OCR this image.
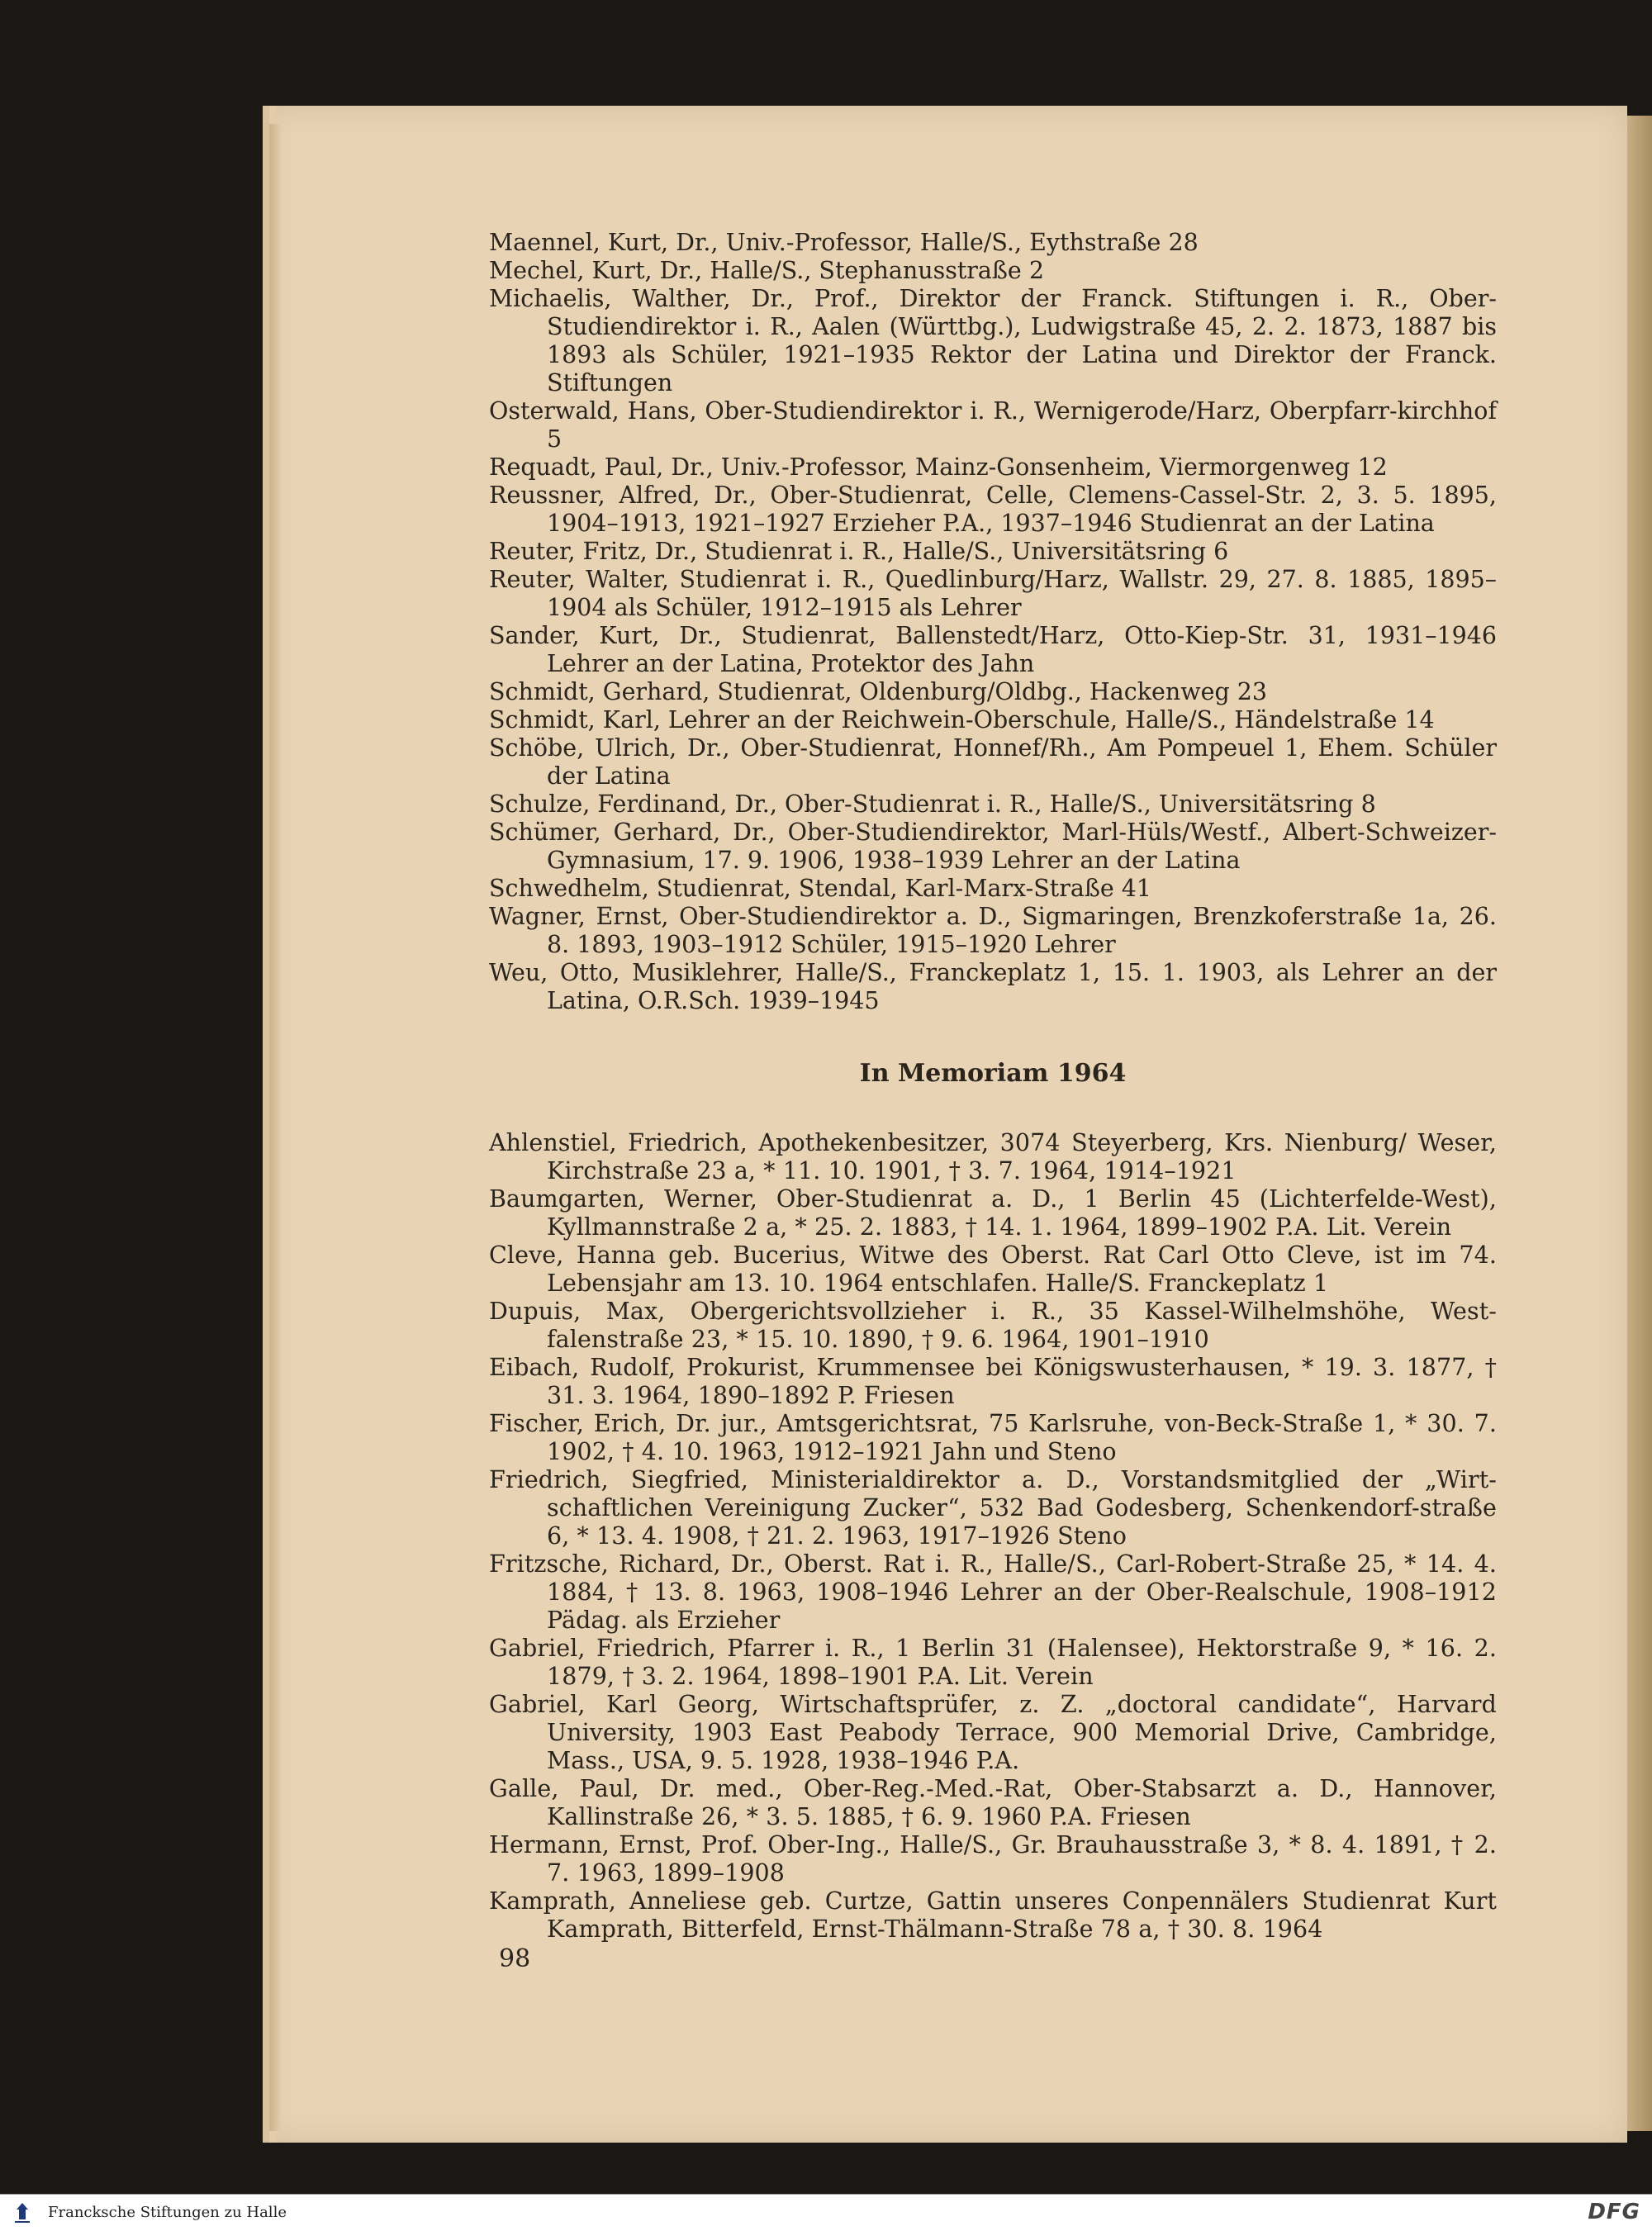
Maennel, Kurt, Dr., Univ.-Professor, Halle/S., Eythstraße 28

Mechel, Kurt, Dr., Halle/S., Stephanusstraße 2

Michaelis, Walther, Dr., Prof., Direktor der Franck. Stiftungen i. R., Ober-Studiendirektor i. R., Aalen (Württbg.), Ludwigstraße 45, 2. 2. 1873, 1887 bis 1893 als Schüler, 1921–1935 Rektor der Latina und Direktor der Franck. Stiftungen

Osterwald, Hans, Ober-Studiendirektor i. R., Wernigerode/Harz, Oberpfarr-kirchhof 5

Requadt, Paul, Dr., Univ.-Professor, Mainz-Gonsenheim, Viermorgenweg 12

Reussner, Alfred, Dr., Ober-Studienrat, Celle, Clemens-Cassel-Str. 2, 3. 5. 1895, 1904–1913, 1921–1927 Erzieher P.A., 1937–1946 Studienrat an der Latina

Reuter, Fritz, Dr., Studienrat i. R., Halle/S., Universitätsring 6

Reuter, Walter, Studienrat i. R., Quedlinburg/Harz, Wallstr. 29, 27. 8. 1885, 1895–1904 als Schüler, 1912–1915 als Lehrer

Sander, Kurt, Dr., Studienrat, Ballenstedt/Harz, Otto-Kiep-Str. 31, 1931–1946 Lehrer an der Latina, Protektor des Jahn

Schmidt, Gerhard, Studienrat, Oldenburg/Oldbg., Hackenweg 23

Schmidt, Karl, Lehrer an der Reichwein-Oberschule, Halle/S., Händelstraße 14

Schöbe, Ulrich, Dr., Ober-Studienrat, Honnef/Rh., Am Pompeuel 1, Ehem. Schüler der Latina

Schulze, Ferdinand, Dr., Ober-Studienrat i. R., Halle/S., Universitätsring 8

Schümer, Gerhard, Dr., Ober-Studiendirektor, Marl-Hüls/Westf., Albert-Schweizer-Gymnasium, 17. 9. 1906, 1938–1939 Lehrer an der Latina

Schwedhelm, Studienrat, Stendal, Karl-Marx-Straße 41

Wagner, Ernst, Ober-Studiendirektor a. D., Sigmaringen, Brenzkoferstraße 1a, 26. 8. 1893, 1903–1912 Schüler, 1915–1920 Lehrer

Weu, Otto, Musiklehrer, Halle/S., Franckeplatz 1, 15. 1. 1903, als Lehrer an der Latina, O.R.Sch. 1939–1945

In Memoriam 1964

Ahlenstiel, Friedrich, Apothekenbesitzer, 3074 Steyerberg, Krs. Nienburg/ Weser, Kirchstraße 23 a, * 11. 10. 1901, † 3. 7. 1964, 1914–1921

Baumgarten, Werner, Ober-Studienrat a. D., 1 Berlin 45 (Lichterfelde-West), Kyllmannstraße 2 a, * 25. 2. 1883, † 14. 1. 1964, 1899–1902 P.A. Lit. Verein

Cleve, Hanna geb. Bucerius, Witwe des Oberst. Rat Carl Otto Cleve, ist im 74. Lebensjahr am 13. 10. 1964 entschlafen. Halle/S. Franckeplatz 1

Dupuis, Max, Obergerichtsvollzieher i. R., 35 Kassel-Wilhelmshöhe, West-falenstraße 23, * 15. 10. 1890, † 9. 6. 1964, 1901–1910

Eibach, Rudolf, Prokurist, Krummensee bei Königswusterhausen, * 19. 3. 1877, † 31. 3. 1964, 1890–1892 P. Friesen

Fischer, Erich, Dr. jur., Amtsgerichtsrat, 75 Karlsruhe, von-Beck-Straße 1, * 30. 7. 1902, † 4. 10. 1963, 1912–1921 Jahn und Steno

Friedrich, Siegfried, Ministerialdirektor a. D., Vorstandsmitglied der „Wirt-schaftlichen Vereinigung Zucker“, 532 Bad Godesberg, Schenkendorf-straße 6, * 13. 4. 1908, † 21. 2. 1963, 1917–1926 Steno

Fritzsche, Richard, Dr., Oberst. Rat i. R., Halle/S., Carl-Robert-Straße 25, * 14. 4. 1884, † 13. 8. 1963, 1908–1946 Lehrer an der Ober-Realschule, 1908–1912 Pädag. als Erzieher

Gabriel, Friedrich, Pfarrer i. R., 1 Berlin 31 (Halensee), Hektorstraße 9, * 16. 2. 1879, † 3. 2. 1964, 1898–1901 P.A. Lit. Verein

Gabriel, Karl Georg, Wirtschaftsprüfer, z. Z. „doctoral candidate“, Harvard University, 1903 East Peabody Terrace, 900 Memorial Drive, Cambridge, Mass., USA, 9. 5. 1928, 1938–1946 P.A.

Galle, Paul, Dr. med., Ober-Reg.-Med.-Rat, Ober-Stabsarzt a. D., Hannover, Kallinstraße 26, * 3. 5. 1885, † 6. 9. 1960 P.A. Friesen

Hermann, Ernst, Prof. Ober-Ing., Halle/S., Gr. Brauhausstraße 3, * 8. 4. 1891, † 2. 7. 1963, 1899–1908

Kamprath, Anneliese geb. Curtze, Gattin unseres Conpennälers Studienrat Kurt Kamprath, Bitterfeld, Ernst-Thälmann-Straße 78 a, † 30. 8. 1964

98
Francksche Stiftungen zu Halle	DFG
